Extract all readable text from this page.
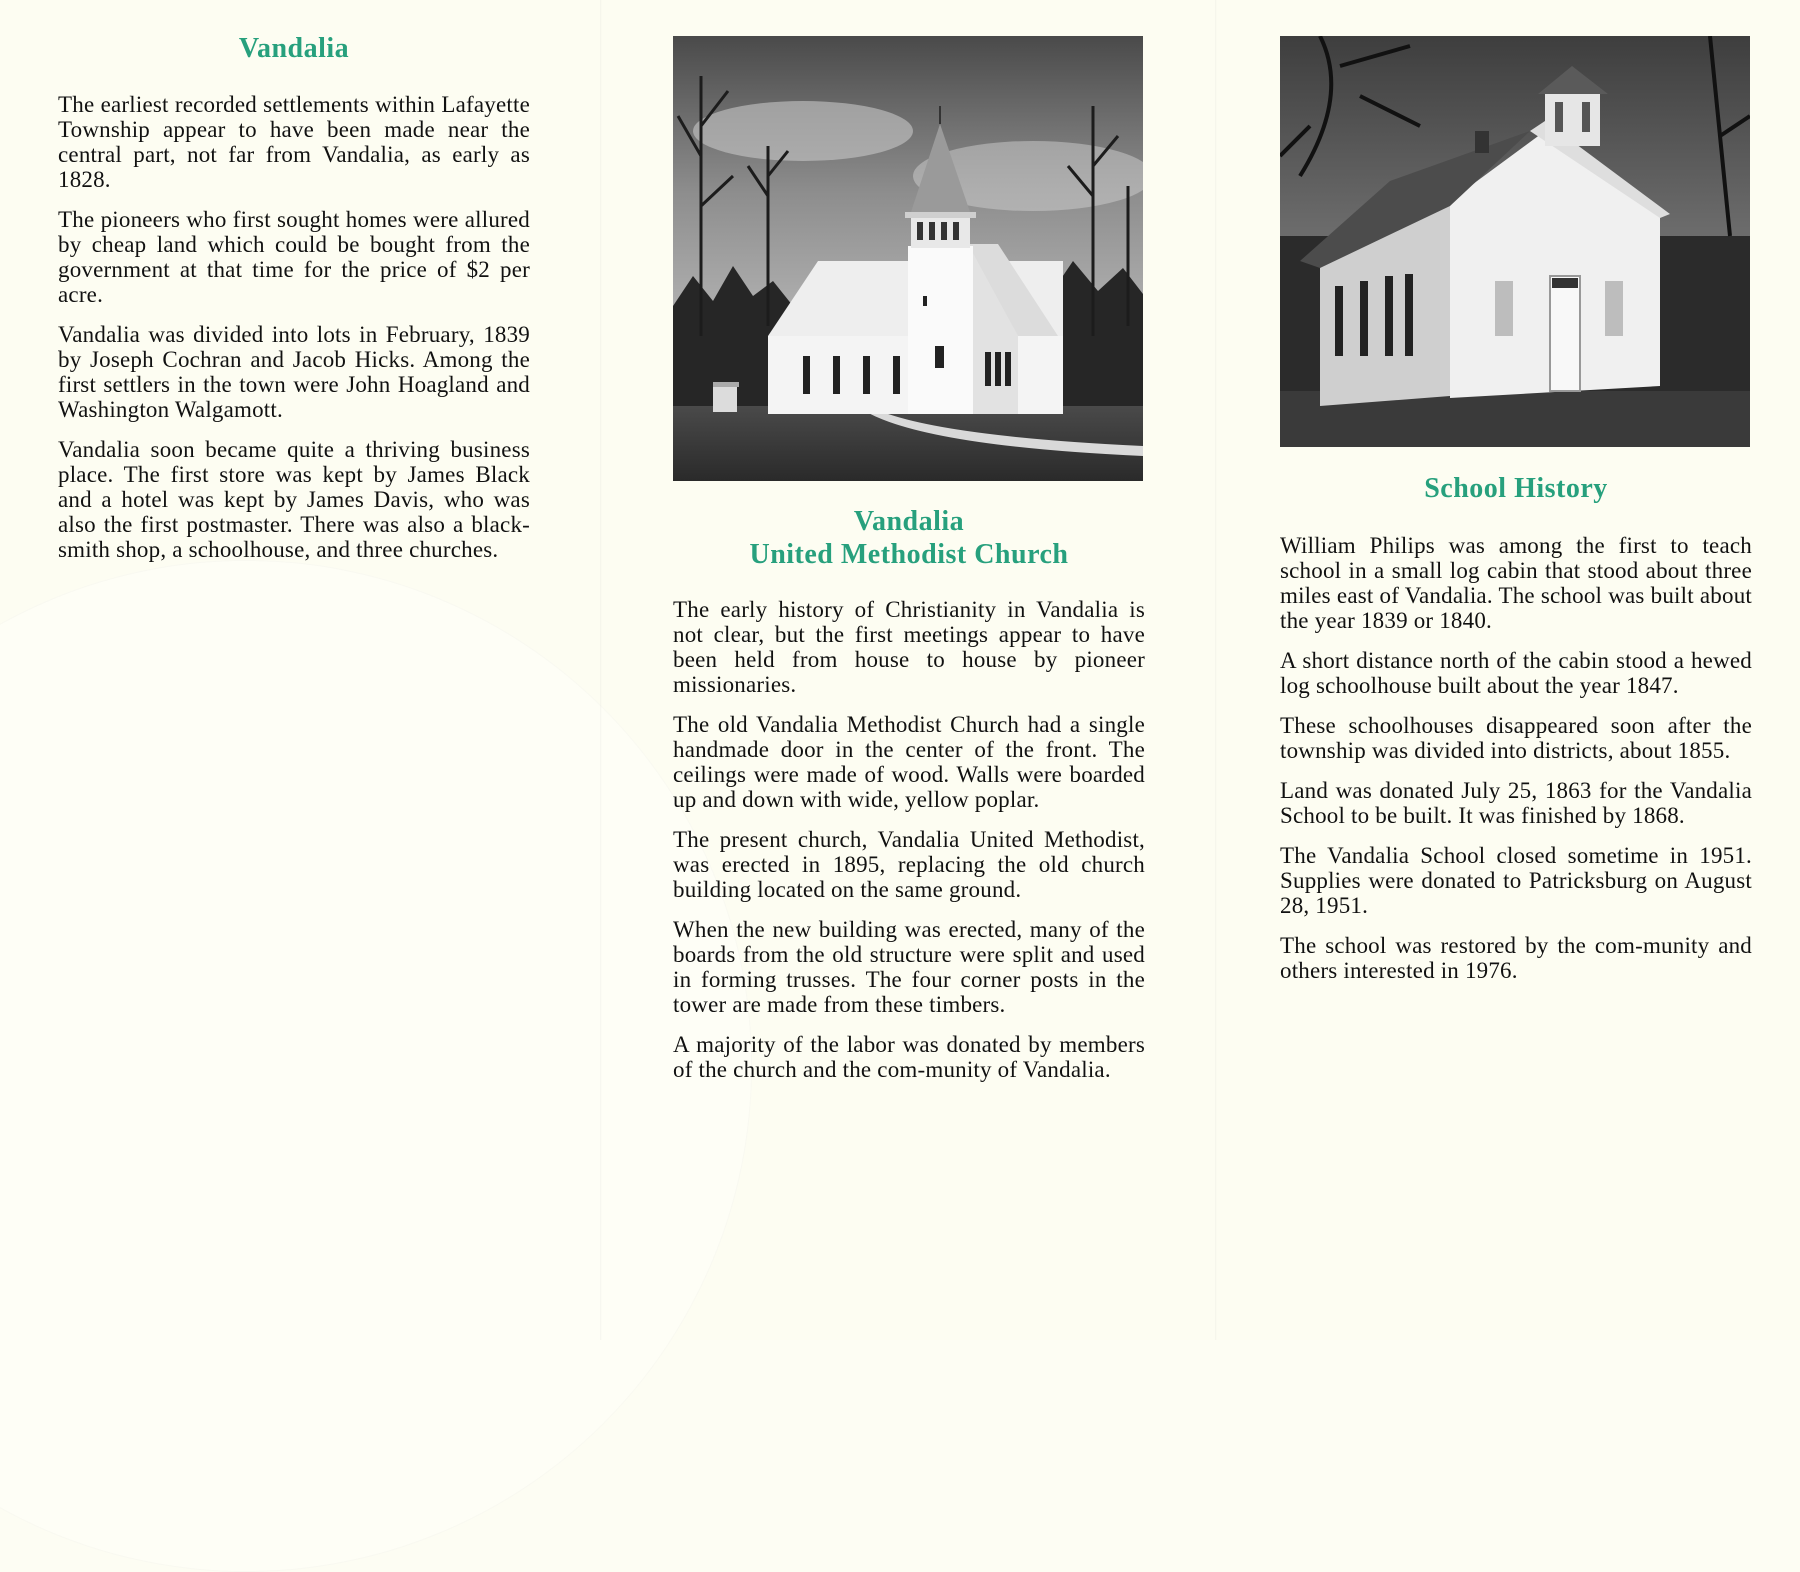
Vandalia

The earliest recorded settlements within Lafayette Township appear to have been made near the central part, not far from Vandalia, as early as 1828.

The pioneers who first sought homes were allured by cheap land which could be bought from the government at that time for the price of $2 per acre.

Vandalia was divided into lots in February, 1839 by Joseph Cochran and Jacob Hicks. Among the first settlers in the town were John Hoagland and Washington Walgamott.

Vandalia soon became quite a thriving business place. The first store was kept by James Black and a hotel was kept by James Davis, who was also the first postmaster. There was also a black-smith shop, a schoolhouse, and three churches.

Vandalia
United Methodist Church

The early history of Christianity in Vandalia is not clear, but the first meetings appear to have been held from house to house by pioneer missionaries.

The old Vandalia Methodist Church had a single handmade door in the center of the front. The ceilings were made of wood. Walls were boarded up and down with wide, yellow poplar.

The present church, Vandalia United Methodist, was erected in 1895, replacing the old church building located on the same ground.

When the new building was erected, many of the boards from the old structure were split and used in forming trusses. The four corner posts in the tower are made from these timbers.

A majority of the labor was donated by members of the church and the com-munity of Vandalia.

School History

William Philips was among the first to teach school in a small log cabin that stood about three miles east of Vandalia. The school was built about the year 1839 or 1840.

A short distance north of the cabin stood a hewed log schoolhouse built about the year 1847.

These schoolhouses disappeared soon after the township was divided into districts, about 1855.

Land was donated July 25, 1863 for the Vandalia School to be built. It was finished by 1868.

The Vandalia School closed sometime in 1951. Supplies were donated to Patricksburg on August 28, 1951.

The school was restored by the com-munity and others interested in 1976.
